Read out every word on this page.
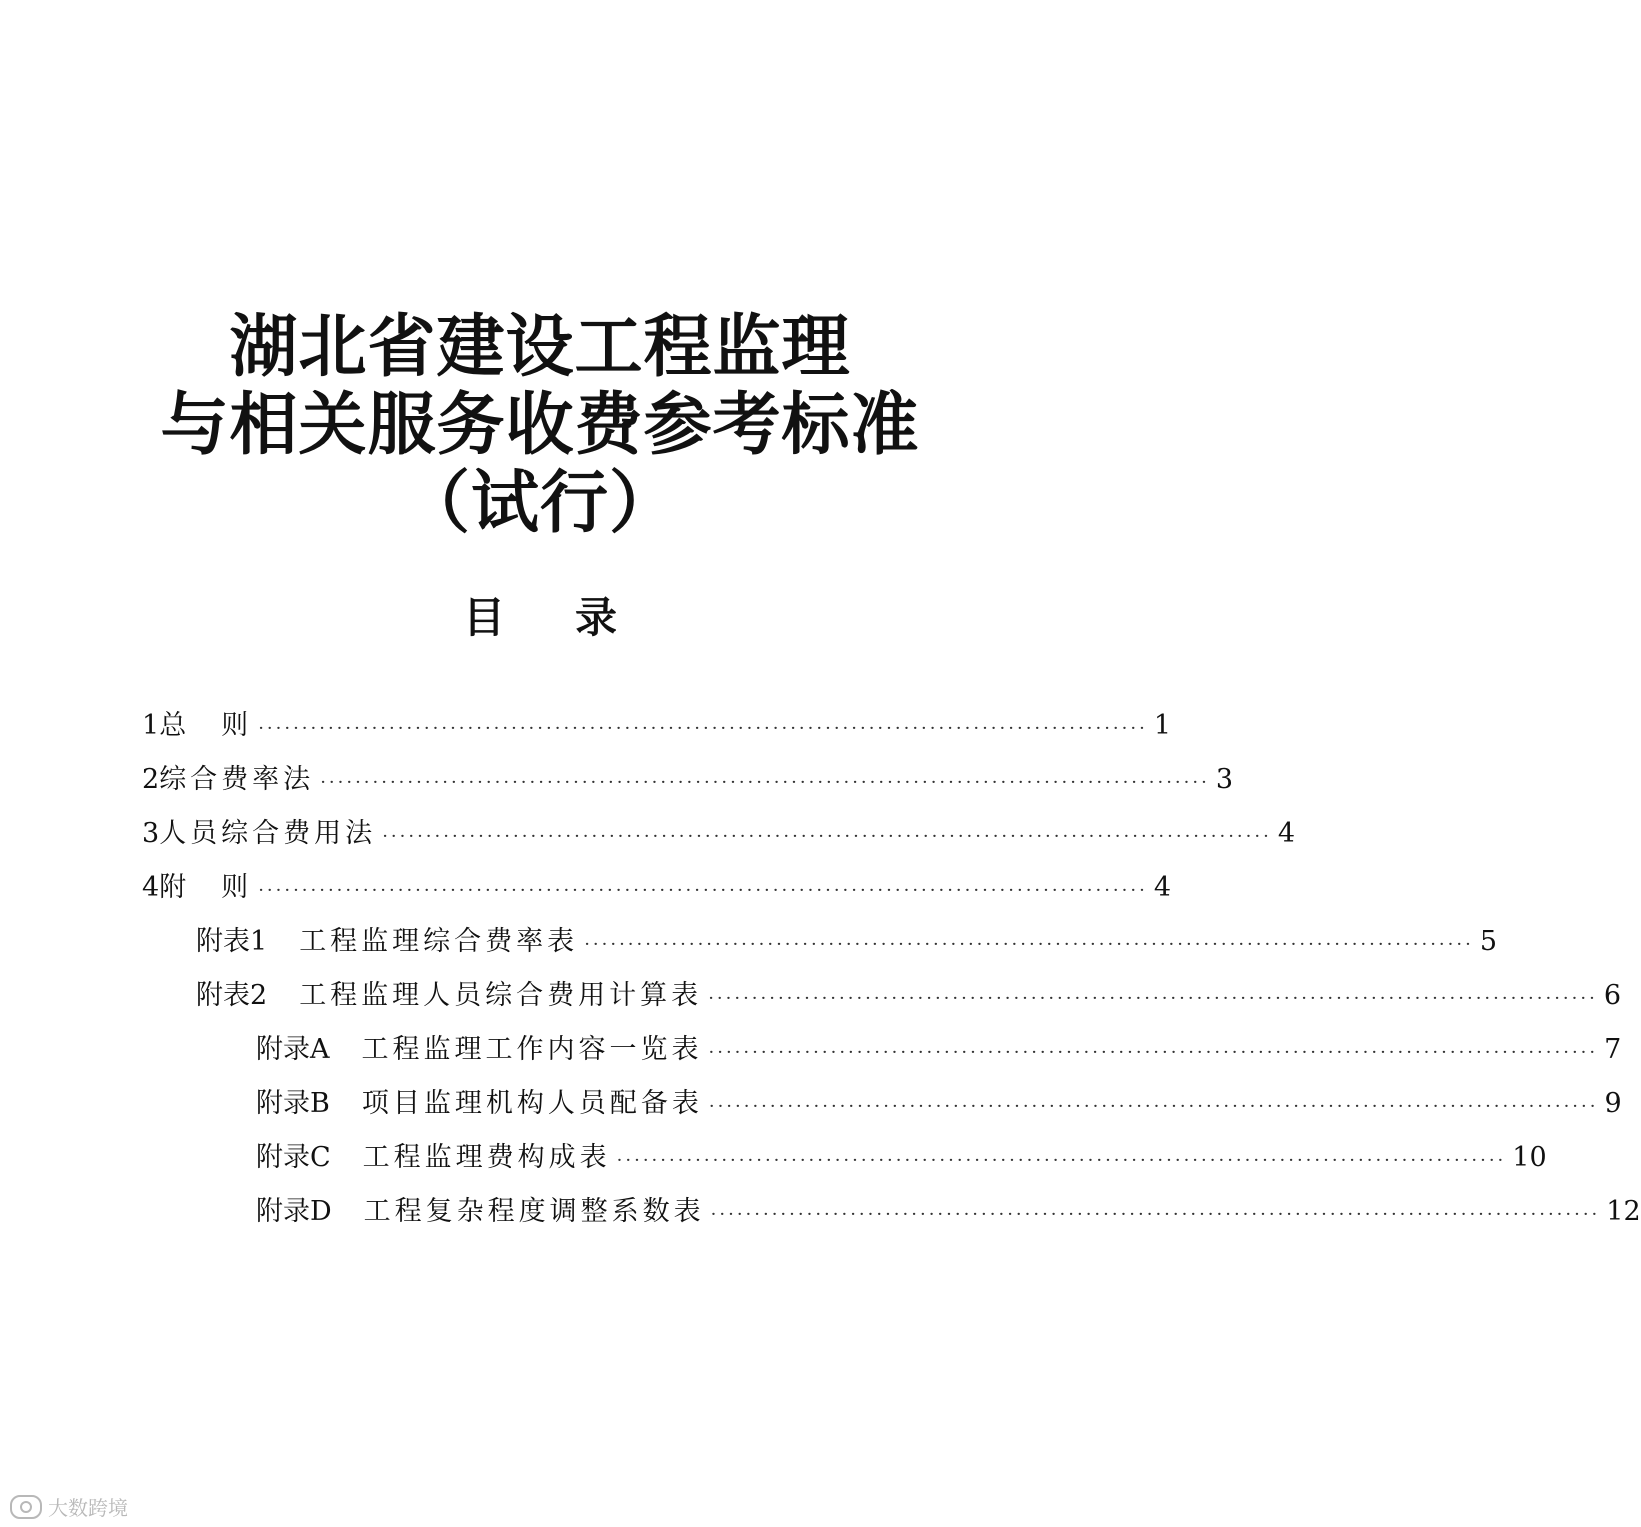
湖北省建设工程监理
与相关服务收费参考标准
（试行）
目录
1 总　则 ······································································································ 1
2 综合费率法 ······································································································ 3
3 人员综合费用法 ······································································································ 4
4 附　则 ······································································································ 4
附表1 工程监理综合费率表 ······································································································ 5
附表2 工程监理人员综合费用计算表 ······································································································ 6
附录A 工程监理工作内容一览表 ······································································································ 7
附录B 项目监理机构人员配备表 ······································································································ 9
附录C 工程监理费构成表 ······································································································ 10
附录D 工程复杂程度调整系数表 ······································································································ 12
大数跨境
